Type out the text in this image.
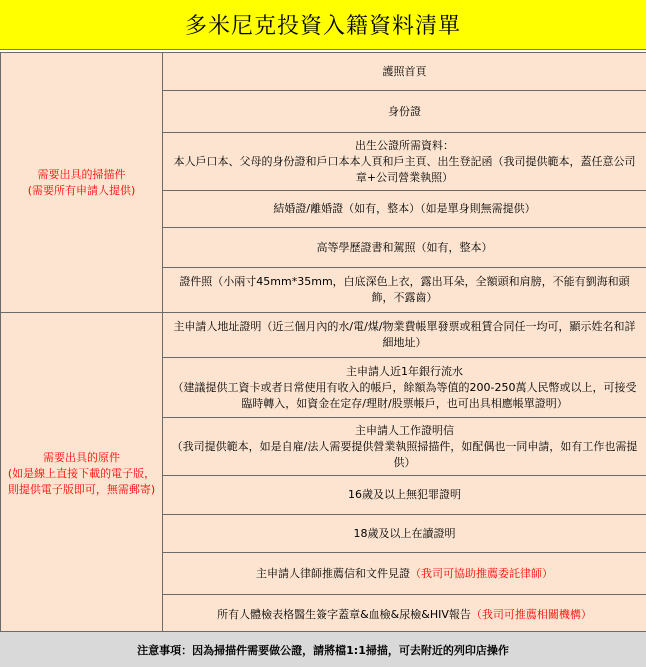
多米尼克投資入籍資料清單
需要出具的掃描件
(需要所有申請人提供)	護照首頁
	身份證

	出生公證所需資料：
本人戶口本、父母的身份證和戶口本本人頁和戶主頁、出生登記函（我司提供範本，蓋任意公司章+公司營業執照）

	結婚證/離婚證（如有，整本）（如是單身則無需提供）
	高等學歷證書和駕照（如有，整本）
	證件照（小兩寸45mm*35mm，白底深色上衣，露出耳朵，全額頭和肩膀，不能有劉海和頭飾，不露齒）

需要出具的原件
(如是線上直接下載的電子版，則提供電子版即可，無需郵寄)	主申請人地址證明（近三個月內的水/電/煤/物業費帳單發票或租賃合同任一均可，顯示姓名和詳細地址）

	主申請人近1年銀行流水
（建議提供工資卡或者日常使用有收入的帳戶，餘額為等值的200-250萬人民幣或以上，可接受臨時轉入，如資金在定存/理財/股票帳戶，也可出具相應帳單證明）

	主申請人工作證明信
（我司提供範本，如是自雇/法人需要提供營業執照掃描件，如配偶也一同申請，如有工作也需提供）

	16歲及以上無犯罪證明
	18歲及以上在讀證明
	主申請人律師推薦信和文件見證（我司可協助推薦委託律師）
	所有人體檢表格醫生簽字蓋章&血檢&尿檢&HIV報告（我司可推薦相關機構）
注意事項：因為掃描件需要做公證，請將檔1:1掃描，可去附近的列印店操作
